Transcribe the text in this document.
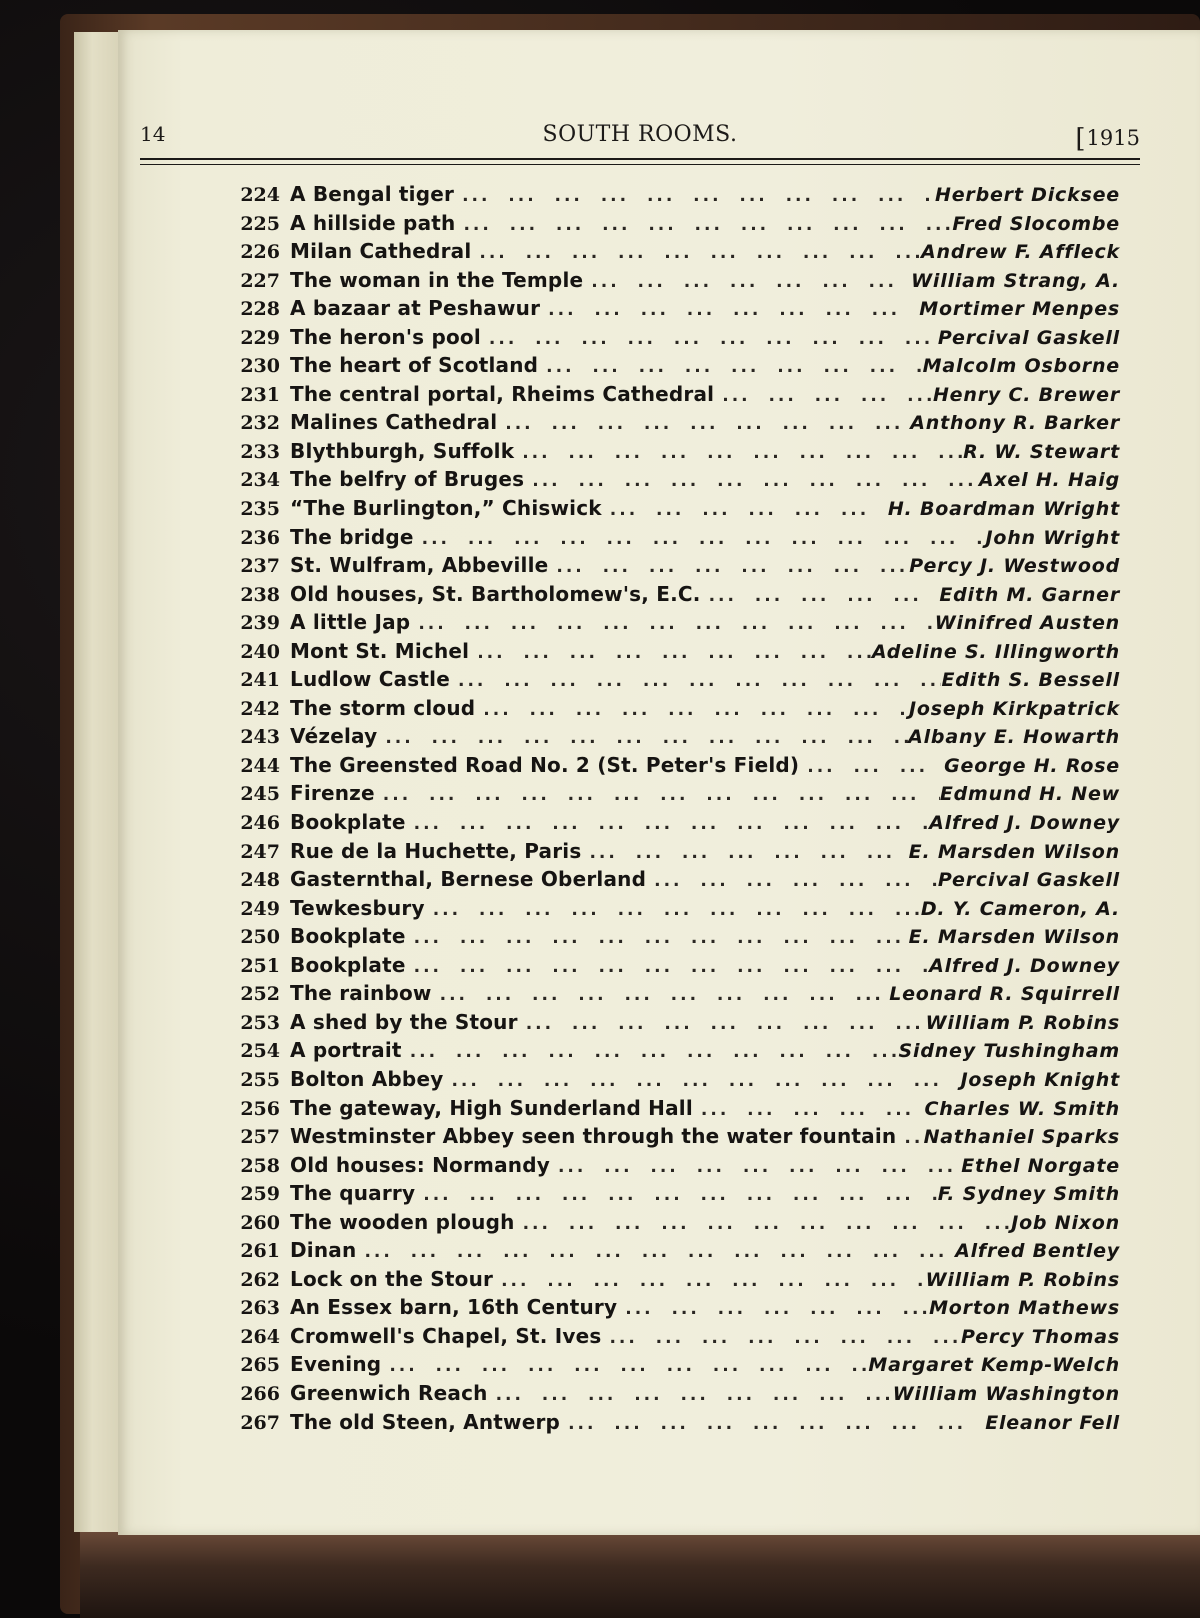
14	SOUTH ROOMS.	[1915
224 A Bengal tiger ...	Herbert Dicksee
225 A hillside path ...	Fred Slocombe
226 Milan Cathedral ...	Andrew F. Affleck
227 The woman in the Temple ...	William Strang, A.
228 A bazaar at Peshawur ...	Mortimer Menpes
229 The heron's pool ...	Percival Gaskell
230 The heart of Scotland ...	Malcolm Osborne
231 The central portal, Rheims Cathedral ...	Henry C. Brewer
232 Malines Cathedral ...	Anthony R. Barker
233 Blythburgh, Suffolk ...	R. W. Stewart
234 The belfry of Bruges ...	Axel H. Haig
235 “The Burlington,” Chiswick ...	H. Boardman Wright
236 The bridge ...	John Wright
237 St. Wulfram, Abbeville ...	Percy J. Westwood
238 Old houses, St. Bartholomew's, E.C. ...	Edith M. Garner
239 A little Jap ...	Winifred Austen
240 Mont St. Michel ...	Adeline S. Illingworth
241 Ludlow Castle ...	Edith S. Bessell
242 The storm cloud ...	Joseph Kirkpatrick
243 Vézelay ...	Albany E. Howarth
244 The Greensted Road No. 2 (St. Peter's Field) ...	George H. Rose
245 Firenze ...	Edmund H. New
246 Bookplate ...	Alfred J. Downey
247 Rue de la Huchette, Paris ...	E. Marsden Wilson
248 Gasternthal, Bernese Oberland ...	Percival Gaskell
249 Tewkesbury ...	D. Y. Cameron, A.
250 Bookplate ...	E. Marsden Wilson
251 Bookplate ...	Alfred J. Downey
252 The rainbow ...	Leonard R. Squirrell
253 A shed by the Stour ...	William P. Robins
254 A portrait ...	Sidney Tushingham
255 Bolton Abbey ...	Joseph Knight
256 The gateway, High Sunderland Hall ...	Charles W. Smith
257 Westminster Abbey seen through the water fountain ... Nathaniel Sparks
258 Old houses: Normandy ...	Ethel Norgate
259 The quarry ...	F. Sydney Smith
260 The wooden plough ...	Job Nixon
261 Dinan ...	Alfred Bentley
262 Lock on the Stour ...	William P. Robins
263 An Essex barn, 16th Century ...	Morton Mathews
264 Cromwell's Chapel, St. Ives ...	Percy Thomas
265 Evening ...	Margaret Kemp-Welch
266 Greenwich Reach ...	William Washington
267 The old Steen, Antwerp ...	Eleanor Fell
